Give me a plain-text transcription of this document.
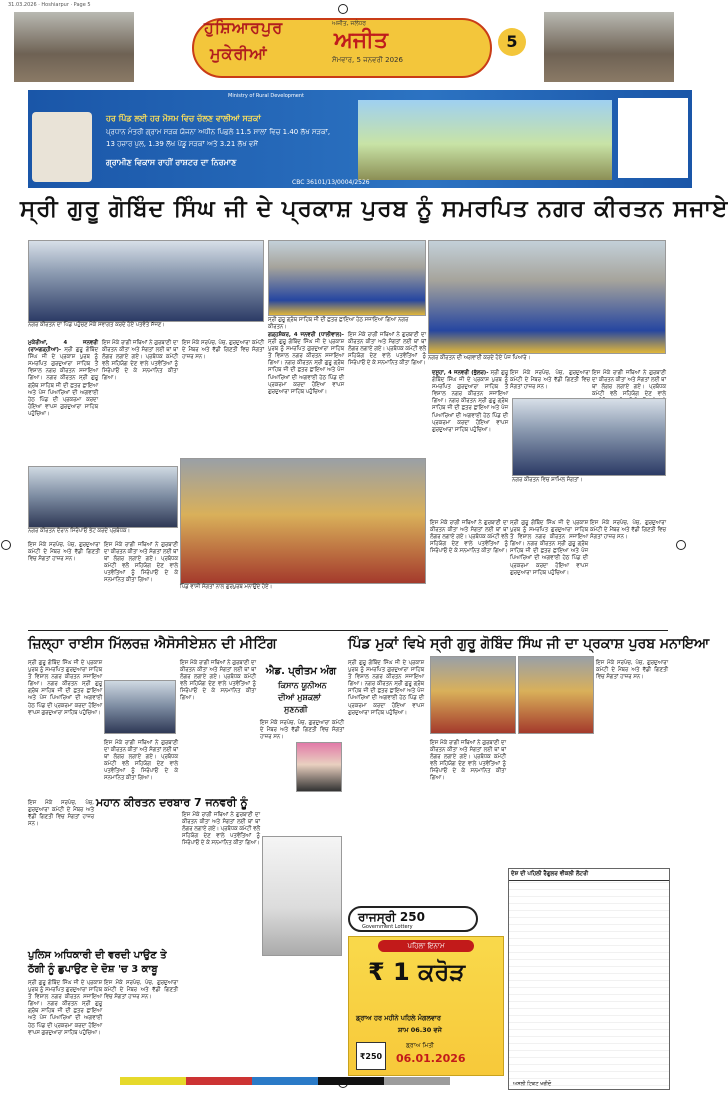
31.03.2026 · Hoshiarpur · Page 5
ਹੁਸ਼ਿਆਰਪੁਰ
ਮੁਕੇਰੀਆਂ
ਅਜੀਤ, ਜਲੰਧਰ
ਅਜੀਤ
ਸੋਮਵਾਰ, 5 ਜਨਵਰੀ 2026
5
Ministry of Rural Development
ਹਰ ਪਿੰਡ ਲਈ ਹਰ ਮੌਸਮ ਵਿਚ ਚੱਲਣ ਵਾਲੀਆਂ ਸੜਕਾਂ
ਪ੍ਰਧਾਨ ਮੰਤਰੀ ਗ੍ਰਾਮ ਸੜਕ ਯੋਜਨਾ ਅਧੀਨ ਪਿਛਲੇ 11.5 ਸਾਲਾਂ ਵਿਚ 1.40 ਲੱਖ ਸੜਕਾਂ,
13 ਹਜ਼ਾਰ ਪੁਲ, 1.39 ਲੱਖ ਪੇਂਡੂ ਸੜਕਾਂ ਅਤੇ 3.21 ਲੱਖ ਵਸੋਂ
ਗ੍ਰਾਮੀਣ ਵਿਕਾਸ ਰਾਹੀਂ ਰਾਸ਼ਟਰ ਦਾ ਨਿਰਮਾਣ
CBC 36101/13/0004/2526
ਸ੍ਰੀ ਗੁਰੂ ਗੋਬਿੰਦ ਸਿੰਘ ਜੀ ਦੇ ਪ੍ਰਕਾਸ਼ ਪੁਰਬ ਨੂੰ ਸਮਰਪਿਤ ਨਗਰ ਕੀਰਤਨ ਸਜਾਏ
ਨਗਰ ਕੀਰਤਨ ਦਾ ਪਿੰਡ ਪਹੁੰਚਣ ਮੌਕੇ ਸਵਾਗਤ ਕਰਦੇ ਹੋਏ ਪਤਵੰਤੇ ਸੱਜਣ।
ਸ੍ਰੀ ਗੁਰੂ ਗ੍ਰੰਥ ਸਾਹਿਬ ਜੀ ਦੀ ਛਤਰ ਛਾਇਆ ਹੇਠ ਸਜਾਇਆ ਗਿਆ ਨਗਰ ਕੀਰਤਨ।
ਨਗਰ ਕੀਰਤਨ ਦੀ ਅਗਵਾਈ ਕਰਦੇ ਹੋਏ ਪੰਜ ਪਿਆਰੇ।

ਮੁਕੇਰੀਆਂ, 4 ਜਨਵਰੀ (ਰਾਮਗੜ੍ਹੀਆ)- ਸ੍ਰੀ ਗੁਰੂ ਗੋਬਿੰਦ ਸਿੰਘ ਜੀ ਦੇ ਪ੍ਰਕਾਸ਼ ਪੁਰਬ ਨੂੰ ਸਮਰਪਿਤ ਗੁਰਦੁਆਰਾ ਸਾਹਿਬ ਤੋਂ ਵਿਸ਼ਾਲ ਨਗਰ ਕੀਰਤਨ ਸਜਾਇਆ ਗਿਆ। ਨਗਰ ਕੀਰਤਨ ਸ੍ਰੀ ਗੁਰੂ ਗ੍ਰੰਥ ਸਾਹਿਬ ਜੀ ਦੀ ਛਤਰ ਛਾਇਆ ਅਤੇ ਪੰਜ ਪਿਆਰਿਆਂ ਦੀ ਅਗਵਾਈ ਹੇਠ ਪਿੰਡ ਦੀ ਪ੍ਰਕਰਮਾ ਕਰਦਾ ਹੋਇਆ ਵਾਪਸ ਗੁਰਦੁਆਰਾ ਸਾਹਿਬ ਪਹੁੰਚਿਆ।

ਇਸ ਮੌਕੇ ਰਾਗੀ ਜਥਿਆਂ ਨੇ ਗੁਰਬਾਣੀ ਦਾ ਕੀਰਤਨ ਕੀਤਾ ਅਤੇ ਸੰਗਤਾਂ ਲਈ ਥਾਂ ਥਾਂ ਲੰਗਰ ਲਗਾਏ ਗਏ। ਪ੍ਰਬੰਧਕ ਕਮੇਟੀ ਵਲੋਂ ਸਹਿਯੋਗ ਦੇਣ ਵਾਲੇ ਪਤਵੰਤਿਆਂ ਨੂੰ ਸਿਰੋਪਾਓ ਦੇ ਕੇ ਸਨਮਾਨਿਤ ਕੀਤਾ ਗਿਆ।

ਇਸ ਮੌਕੇ ਸਰਪੰਚ, ਪੰਚ, ਗੁਰਦੁਆਰਾ ਕਮੇਟੀ ਦੇ ਮੈਂਬਰ ਅਤੇ ਵੱਡੀ ਗਿਣਤੀ ਵਿਚ ਸੰਗਤਾਂ ਹਾਜ਼ਰ ਸਨ।

ਗੜ੍ਹਸ਼ੰਕਰ, 4 ਜਨਵਰੀ (ਧਾਲੀਵਾਲ)- ਸ੍ਰੀ ਗੁਰੂ ਗੋਬਿੰਦ ਸਿੰਘ ਜੀ ਦੇ ਪ੍ਰਕਾਸ਼ ਪੁਰਬ ਨੂੰ ਸਮਰਪਿਤ ਗੁਰਦੁਆਰਾ ਸਾਹਿਬ ਤੋਂ ਵਿਸ਼ਾਲ ਨਗਰ ਕੀਰਤਨ ਸਜਾਇਆ ਗਿਆ। ਨਗਰ ਕੀਰਤਨ ਸ੍ਰੀ ਗੁਰੂ ਗ੍ਰੰਥ ਸਾਹਿਬ ਜੀ ਦੀ ਛਤਰ ਛਾਇਆ ਅਤੇ ਪੰਜ ਪਿਆਰਿਆਂ ਦੀ ਅਗਵਾਈ ਹੇਠ ਪਿੰਡ ਦੀ ਪ੍ਰਕਰਮਾ ਕਰਦਾ ਹੋਇਆ ਵਾਪਸ ਗੁਰਦੁਆਰਾ ਸਾਹਿਬ ਪਹੁੰਚਿਆ।

ਇਸ ਮੌਕੇ ਰਾਗੀ ਜਥਿਆਂ ਨੇ ਗੁਰਬਾਣੀ ਦਾ ਕੀਰਤਨ ਕੀਤਾ ਅਤੇ ਸੰਗਤਾਂ ਲਈ ਥਾਂ ਥਾਂ ਲੰਗਰ ਲਗਾਏ ਗਏ। ਪ੍ਰਬੰਧਕ ਕਮੇਟੀ ਵਲੋਂ ਸਹਿਯੋਗ ਦੇਣ ਵਾਲੇ ਪਤਵੰਤਿਆਂ ਨੂੰ ਸਿਰੋਪਾਓ ਦੇ ਕੇ ਸਨਮਾਨਿਤ ਕੀਤਾ ਗਿਆ।

ਪਿੰਡ ਵਾਸੀ ਸੰਗਤਾਂ ਨਾਲ ਗੁਰਪੁਰਬ ਮਨਾਉਂਦੇ ਹੋਏ।
ਨਗਰ ਕੀਰਤਨ ਦੌਰਾਨ ਸਿਰੋਪਾਓ ਭੇਟ ਕਰਦੇ ਪ੍ਰਬੰਧਕ।

ਇਸ ਮੌਕੇ ਸਰਪੰਚ, ਪੰਚ, ਗੁਰਦੁਆਰਾ ਕਮੇਟੀ ਦੇ ਮੈਂਬਰ ਅਤੇ ਵੱਡੀ ਗਿਣਤੀ ਵਿਚ ਸੰਗਤਾਂ ਹਾਜ਼ਰ ਸਨ।

ਇਸ ਮੌਕੇ ਰਾਗੀ ਜਥਿਆਂ ਨੇ ਗੁਰਬਾਣੀ ਦਾ ਕੀਰਤਨ ਕੀਤਾ ਅਤੇ ਸੰਗਤਾਂ ਲਈ ਥਾਂ ਥਾਂ ਲੰਗਰ ਲਗਾਏ ਗਏ। ਪ੍ਰਬੰਧਕ ਕਮੇਟੀ ਵਲੋਂ ਸਹਿਯੋਗ ਦੇਣ ਵਾਲੇ ਪਤਵੰਤਿਆਂ ਨੂੰ ਸਿਰੋਪਾਓ ਦੇ ਕੇ ਸਨਮਾਨਿਤ ਕੀਤਾ ਗਿਆ।

ਦਸੂਹਾ, 4 ਜਨਵਰੀ (ਭੁੱਲਰ)- ਸ੍ਰੀ ਗੁਰੂ ਗੋਬਿੰਦ ਸਿੰਘ ਜੀ ਦੇ ਪ੍ਰਕਾਸ਼ ਪੁਰਬ ਨੂੰ ਸਮਰਪਿਤ ਗੁਰਦੁਆਰਾ ਸਾਹਿਬ ਤੋਂ ਵਿਸ਼ਾਲ ਨਗਰ ਕੀਰਤਨ ਸਜਾਇਆ ਗਿਆ। ਨਗਰ ਕੀਰਤਨ ਸ੍ਰੀ ਗੁਰੂ ਗ੍ਰੰਥ ਸਾਹਿਬ ਜੀ ਦੀ ਛਤਰ ਛਾਇਆ ਅਤੇ ਪੰਜ ਪਿਆਰਿਆਂ ਦੀ ਅਗਵਾਈ ਹੇਠ ਪਿੰਡ ਦੀ ਪ੍ਰਕਰਮਾ ਕਰਦਾ ਹੋਇਆ ਵਾਪਸ ਗੁਰਦੁਆਰਾ ਸਾਹਿਬ ਪਹੁੰਚਿਆ।

ਇਸ ਮੌਕੇ ਸਰਪੰਚ, ਪੰਚ, ਗੁਰਦੁਆਰਾ ਕਮੇਟੀ ਦੇ ਮੈਂਬਰ ਅਤੇ ਵੱਡੀ ਗਿਣਤੀ ਵਿਚ ਸੰਗਤਾਂ ਹਾਜ਼ਰ ਸਨ।

ਇਸ ਮੌਕੇ ਰਾਗੀ ਜਥਿਆਂ ਨੇ ਗੁਰਬਾਣੀ ਦਾ ਕੀਰਤਨ ਕੀਤਾ ਅਤੇ ਸੰਗਤਾਂ ਲਈ ਥਾਂ ਥਾਂ ਲੰਗਰ ਲਗਾਏ ਗਏ। ਪ੍ਰਬੰਧਕ ਕਮੇਟੀ ਵਲੋਂ ਸਹਿਯੋਗ ਦੇਣ ਵਾਲੇ

ਨਗਰ ਕੀਰਤਨ ਵਿਚ ਸ਼ਾਮਿਲ ਸੰਗਤਾਂ।

ਇਸ ਮੌਕੇ ਰਾਗੀ ਜਥਿਆਂ ਨੇ ਗੁਰਬਾਣੀ ਦਾ ਕੀਰਤਨ ਕੀਤਾ ਅਤੇ ਸੰਗਤਾਂ ਲਈ ਥਾਂ ਥਾਂ ਲੰਗਰ ਲਗਾਏ ਗਏ। ਪ੍ਰਬੰਧਕ ਕਮੇਟੀ ਵਲੋਂ ਸਹਿਯੋਗ ਦੇਣ ਵਾਲੇ ਪਤਵੰਤਿਆਂ ਨੂੰ ਸਿਰੋਪਾਓ ਦੇ ਕੇ ਸਨਮਾਨਿਤ ਕੀਤਾ ਗਿਆ।

ਸ੍ਰੀ ਗੁਰੂ ਗੋਬਿੰਦ ਸਿੰਘ ਜੀ ਦੇ ਪ੍ਰਕਾਸ਼ ਪੁਰਬ ਨੂੰ ਸਮਰਪਿਤ ਗੁਰਦੁਆਰਾ ਸਾਹਿਬ ਤੋਂ ਵਿਸ਼ਾਲ ਨਗਰ ਕੀਰਤਨ ਸਜਾਇਆ ਗਿਆ। ਨਗਰ ਕੀਰਤਨ ਸ੍ਰੀ ਗੁਰੂ ਗ੍ਰੰਥ ਸਾਹਿਬ ਜੀ ਦੀ ਛਤਰ ਛਾਇਆ ਅਤੇ ਪੰਜ ਪਿਆਰਿਆਂ ਦੀ ਅਗਵਾਈ ਹੇਠ ਪਿੰਡ ਦੀ ਪ੍ਰਕਰਮਾ ਕਰਦਾ ਹੋਇਆ ਵਾਪਸ ਗੁਰਦੁਆਰਾ ਸਾਹਿਬ ਪਹੁੰਚਿਆ।

ਇਸ ਮੌਕੇ ਸਰਪੰਚ, ਪੰਚ, ਗੁਰਦੁਆਰਾ ਕਮੇਟੀ ਦੇ ਮੈਂਬਰ ਅਤੇ ਵੱਡੀ ਗਿਣਤੀ ਵਿਚ ਸੰਗਤਾਂ ਹਾਜ਼ਰ ਸਨ।

ਜ਼ਿਲ੍ਹਾ ਰਾਈਸ ਮਿੱਲਰਜ਼ ਐਸੋਸੀਏਸ਼ਨ ਦੀ ਮੀਟਿੰਗ	ਪਿੰਡ ਮੁਕਾਂ ਵਿਖੇ ਸ੍ਰੀ ਗੁਰੂ ਗੋਬਿੰਦ ਸਿੰਘ ਜੀ ਦਾ ਪ੍ਰਕਾਸ਼ ਪੁਰਬ ਮਨਾਇਆ

ਸ੍ਰੀ ਗੁਰੂ ਗੋਬਿੰਦ ਸਿੰਘ ਜੀ ਦੇ ਪ੍ਰਕਾਸ਼ ਪੁਰਬ ਨੂੰ ਸਮਰਪਿਤ ਗੁਰਦੁਆਰਾ ਸਾਹਿਬ ਤੋਂ ਵਿਸ਼ਾਲ ਨਗਰ ਕੀਰਤਨ ਸਜਾਇਆ ਗਿਆ। ਨਗਰ ਕੀਰਤਨ ਸ੍ਰੀ ਗੁਰੂ ਗ੍ਰੰਥ ਸਾਹਿਬ ਜੀ ਦੀ ਛਤਰ ਛਾਇਆ ਅਤੇ ਪੰਜ ਪਿਆਰਿਆਂ ਦੀ ਅਗਵਾਈ ਹੇਠ ਪਿੰਡ ਦੀ ਪ੍ਰਕਰਮਾ ਕਰਦਾ ਹੋਇਆ ਵਾਪਸ ਗੁਰਦੁਆਰਾ ਸਾਹਿਬ ਪਹੁੰਚਿਆ।

ਇਸ ਮੌਕੇ ਰਾਗੀ ਜਥਿਆਂ ਨੇ ਗੁਰਬਾਣੀ ਦਾ ਕੀਰਤਨ ਕੀਤਾ ਅਤੇ ਸੰਗਤਾਂ ਲਈ ਥਾਂ ਥਾਂ ਲੰਗਰ ਲਗਾਏ ਗਏ। ਪ੍ਰਬੰਧਕ ਕਮੇਟੀ ਵਲੋਂ ਸਹਿਯੋਗ ਦੇਣ ਵਾਲੇ ਪਤਵੰਤਿਆਂ ਨੂੰ ਸਿਰੋਪਾਓ ਦੇ ਕੇ ਸਨਮਾਨਿਤ ਕੀਤਾ ਗਿਆ।

ਐਡ. ਪ੍ਰੀਤਮ ਅੰਗ
ਕਿਸਾਨ ਯੂਨੀਅਨ
ਦੀਆਂ ਮੁਸ਼ਕਲਾਂ
ਸੁਣਨਗੀ

ਇਸ ਮੌਕੇ ਸਰਪੰਚ, ਪੰਚ, ਗੁਰਦੁਆਰਾ ਕਮੇਟੀ ਦੇ ਮੈਂਬਰ ਅਤੇ ਵੱਡੀ ਗਿਣਤੀ ਵਿਚ ਸੰਗਤਾਂ ਹਾਜ਼ਰ ਸਨ।

ਸ੍ਰੀ ਗੁਰੂ ਗੋਬਿੰਦ ਸਿੰਘ ਜੀ ਦੇ ਪ੍ਰਕਾਸ਼ ਪੁਰਬ ਨੂੰ ਸਮਰਪਿਤ ਗੁਰਦੁਆਰਾ ਸਾਹਿਬ ਤੋਂ ਵਿਸ਼ਾਲ ਨਗਰ ਕੀਰਤਨ ਸਜਾਇਆ ਗਿਆ। ਨਗਰ ਕੀਰਤਨ ਸ੍ਰੀ ਗੁਰੂ ਗ੍ਰੰਥ ਸਾਹਿਬ ਜੀ ਦੀ ਛਤਰ ਛਾਇਆ ਅਤੇ ਪੰਜ ਪਿਆਰਿਆਂ ਦੀ ਅਗਵਾਈ ਹੇਠ ਪਿੰਡ ਦੀ ਪ੍ਰਕਰਮਾ ਕਰਦਾ ਹੋਇਆ ਵਾਪਸ ਗੁਰਦੁਆਰਾ ਸਾਹਿਬ ਪਹੁੰਚਿਆ।

ਇਸ ਮੌਕੇ ਰਾਗੀ ਜਥਿਆਂ ਨੇ ਗੁਰਬਾਣੀ ਦਾ ਕੀਰਤਨ ਕੀਤਾ ਅਤੇ ਸੰਗਤਾਂ ਲਈ ਥਾਂ ਥਾਂ ਲੰਗਰ ਲਗਾਏ ਗਏ। ਪ੍ਰਬੰਧਕ ਕਮੇਟੀ ਵਲੋਂ ਸਹਿਯੋਗ ਦੇਣ ਵਾਲੇ ਪਤਵੰਤਿਆਂ ਨੂੰ ਸਿਰੋਪਾਓ ਦੇ ਕੇ ਸਨਮਾਨਿਤ ਕੀਤਾ ਗਿਆ।

ਇਸ ਮੌਕੇ ਸਰਪੰਚ, ਪੰਚ, ਗੁਰਦੁਆਰਾ ਕਮੇਟੀ ਦੇ ਮੈਂਬਰ ਅਤੇ ਵੱਡੀ ਗਿਣਤੀ ਵਿਚ ਸੰਗਤਾਂ ਹਾਜ਼ਰ ਸਨ।

ਮਹਾਨ ਕੀਰਤਨ ਦਰਬਾਰ 7 ਜਨਵਰੀ ਨੂੰ

ਇਸ ਮੌਕੇ ਰਾਗੀ ਜਥਿਆਂ ਨੇ ਗੁਰਬਾਣੀ ਦਾ ਕੀਰਤਨ ਕੀਤਾ ਅਤੇ ਸੰਗਤਾਂ ਲਈ ਥਾਂ ਥਾਂ ਲੰਗਰ ਲਗਾਏ ਗਏ। ਪ੍ਰਬੰਧਕ ਕਮੇਟੀ ਵਲੋਂ ਸਹਿਯੋਗ ਦੇਣ ਵਾਲੇ ਪਤਵੰਤਿਆਂ ਨੂੰ ਸਿਰੋਪਾਓ ਦੇ ਕੇ ਸਨਮਾਨਿਤ ਕੀਤਾ ਗਿਆ।

ਪੁਲਿਸ ਅਧਿਕਾਰੀ ਦੀ ਵਰਦੀ ਪਾਉਣ ਤੇ
ਠੱਗੀ ਨੂੰ ਛੁਪਾਉਣ ਦੇ ਦੋਸ਼ 'ਚ 3 ਕਾਬੂ

ਸ੍ਰੀ ਗੁਰੂ ਗੋਬਿੰਦ ਸਿੰਘ ਜੀ ਦੇ ਪ੍ਰਕਾਸ਼ ਪੁਰਬ ਨੂੰ ਸਮਰਪਿਤ ਗੁਰਦੁਆਰਾ ਸਾਹਿਬ ਤੋਂ ਵਿਸ਼ਾਲ ਨਗਰ ਕੀਰਤਨ ਸਜਾਇਆ ਗਿਆ। ਨਗਰ ਕੀਰਤਨ ਸ੍ਰੀ ਗੁਰੂ ਗ੍ਰੰਥ ਸਾਹਿਬ ਜੀ ਦੀ ਛਤਰ ਛਾਇਆ ਅਤੇ ਪੰਜ ਪਿਆਰਿਆਂ ਦੀ ਅਗਵਾਈ ਹੇਠ ਪਿੰਡ ਦੀ ਪ੍ਰਕਰਮਾ ਕਰਦਾ ਹੋਇਆ ਵਾਪਸ ਗੁਰਦੁਆਰਾ ਸਾਹਿਬ ਪਹੁੰਚਿਆ।

ਇਸ ਮੌਕੇ ਸਰਪੰਚ, ਪੰਚ, ਗੁਰਦੁਆਰਾ ਕਮੇਟੀ ਦੇ ਮੈਂਬਰ ਅਤੇ ਵੱਡੀ ਗਿਣਤੀ ਵਿਚ ਸੰਗਤਾਂ ਹਾਜ਼ਰ ਸਨ।

ਇਸ ਮੌਕੇ ਸਰਪੰਚ, ਪੰਚ, ਗੁਰਦੁਆਰਾ ਕਮੇਟੀ ਦੇ ਮੈਂਬਰ ਅਤੇ ਵੱਡੀ ਗਿਣਤੀ ਵਿਚ ਸੰਗਤਾਂ ਹਾਜ਼ਰ ਸਨ।

ਇਸ ਮੌਕੇ ਰਾਗੀ ਜਥਿਆਂ ਨੇ ਗੁਰਬਾਣੀ ਦਾ ਕੀਰਤਨ ਕੀਤਾ ਅਤੇ ਸੰਗਤਾਂ ਲਈ ਥਾਂ ਥਾਂ ਲੰਗਰ ਲਗਾਏ ਗਏ। ਪ੍ਰਬੰਧਕ ਕਮੇਟੀ ਵਲੋਂ ਸਹਿਯੋਗ ਦੇਣ ਵਾਲੇ ਪਤਵੰਤਿਆਂ ਨੂੰ ਸਿਰੋਪਾਓ ਦੇ ਕੇ ਸਨਮਾਨਿਤ ਕੀਤਾ ਗਿਆ।

ਰਾਜਸ੍ਰੀ 250
Government Lottery
ਪਹਿਲਾ ਇਨਾਮ
₹ 1 ਕਰੋੜ
ਡ੍ਰਾਅ ਹਰ ਮਹੀਨੇ ਪਹਿਲੇ ਮੰਗਲਵਾਰ
ਸ਼ਾਮ 06.30 ਵਜੇ
₹250
ਡ੍ਰਾਅ ਮਿਤੀ
06.01.2026
ਦੇਸ਼ ਦੀ ਪਹਿਲੀ ਰੈਗੂਲਰ ਵੀਕਲੀ ਲੌਟਰੀ
ਅਸਲੀ ਟਿਕਟ ਖਰੀਦੋ
